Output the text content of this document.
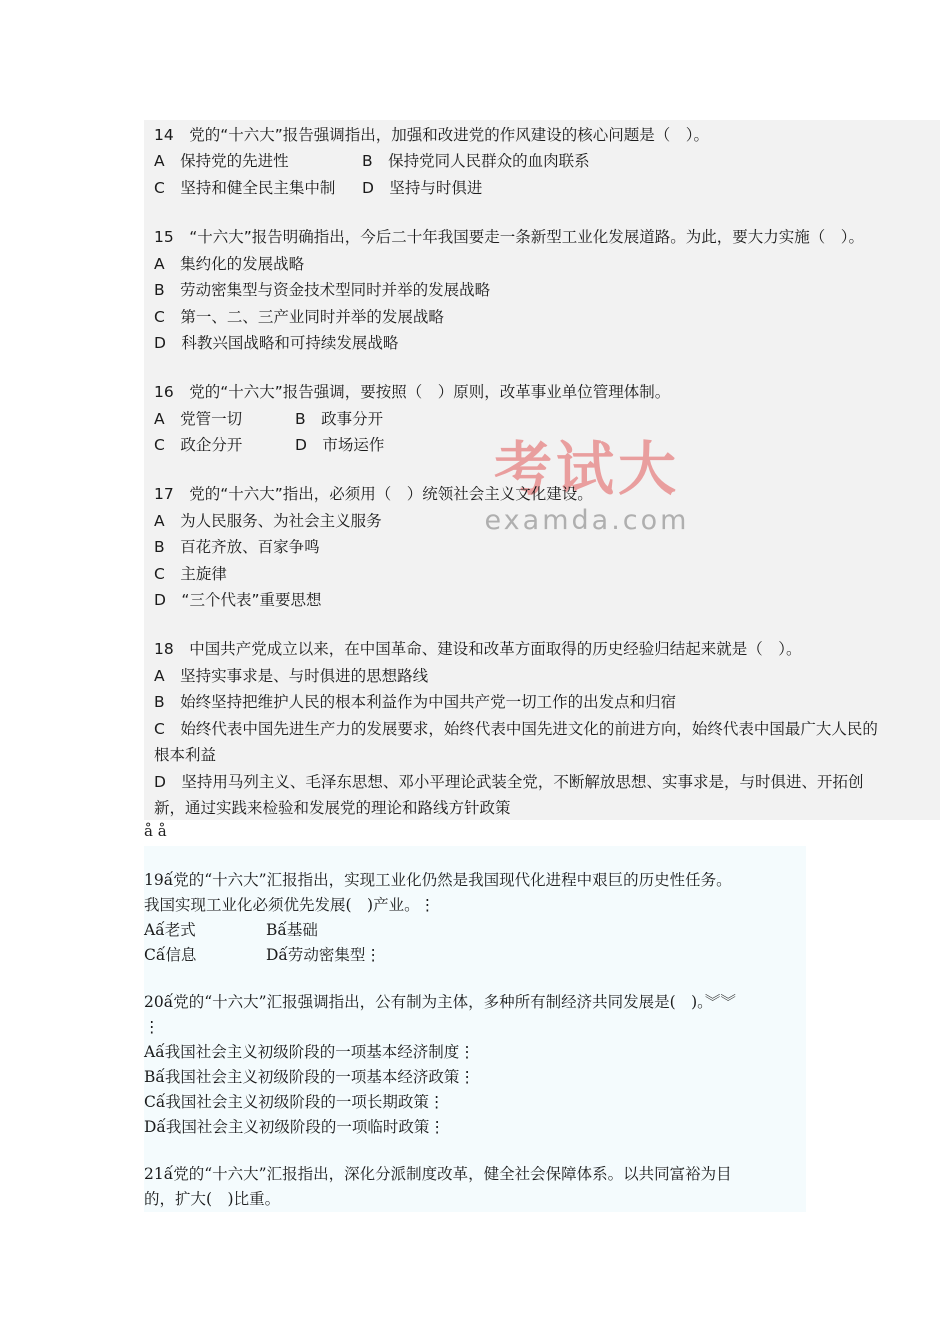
14　党的“十六大”报告强调指出，加强和改进党的作风建设的核心问题是（　）。
A　保持党的先进性	B　保持党同人民群众的血肉联系
C　坚持和健全民主集中制 D　坚持与时俱进
15　“十六大”报告明确指出，今后二十年我国要走一条新型工业化发展道路。为此，要大力实施（　）。
A　集约化的发展战略
B　劳动密集型与资金技术型同时并举的发展战略
C　第一、二、三产业同时并举的发展战略
D　科教兴国战略和可持续发展战略
16　党的“十六大”报告强调，要按照（　）原则，改革事业单位管理体制。
A　党管一切	B　政事分开
C　政企分开	D　市场运作	考试大
examda.com
17　党的“十六大”指出，必须用（　）统领社会主义文化建设。
A　为人民服务、为社会主义服务
B　百花齐放、百家争鸣
C　主旋律
D　“三个代表”重要思想
18　中国共产党成立以来，在中国革命、建设和改革方面取得的历史经验归结起来就是（　）。
A　坚持实事求是、与时俱进的思想路线
B　始终坚持把维护人民的根本利益作为中国共产党一切工作的出发点和归宿
C　始终代表中国先进生产力的发展要求，始终代表中国先进文化的前进方向，始终代表中国最广大人民的
根本利益
D　坚持用马列主义、毛泽东思想、邓小平理论武装全党，不断解放思想、实事求是，与时俱进、开拓创
新，通过实践来检验和发展党的理论和路线方针政策
å å
19ấ党的“十六大”汇报指出，实现工业化仍然是我国现代化进程中艰巨的历史性任务。
我国实现工业化必须优先发展(　)产业。⋮
Aấ老式	Bấ基础
Cấ信息	Dấ劳动密集型⋮
20ấ党的“十六大”汇报强调指出，公有制为主体，多种所有制经济共同发展是(　)。︾︾
⋮
Aấ我国社会主义初级阶段的一项基本经济制度⋮
Bấ我国社会主义初级阶段的一项基本经济政策⋮
Cấ我国社会主义初级阶段的一项长期政策⋮
Dấ我国社会主义初级阶段的一项临时政策⋮
21ấ党的“十六大”汇报指出，深化分派制度改革，健全社会保障体系。以共同富裕为目
的，扩大(　)比重。
